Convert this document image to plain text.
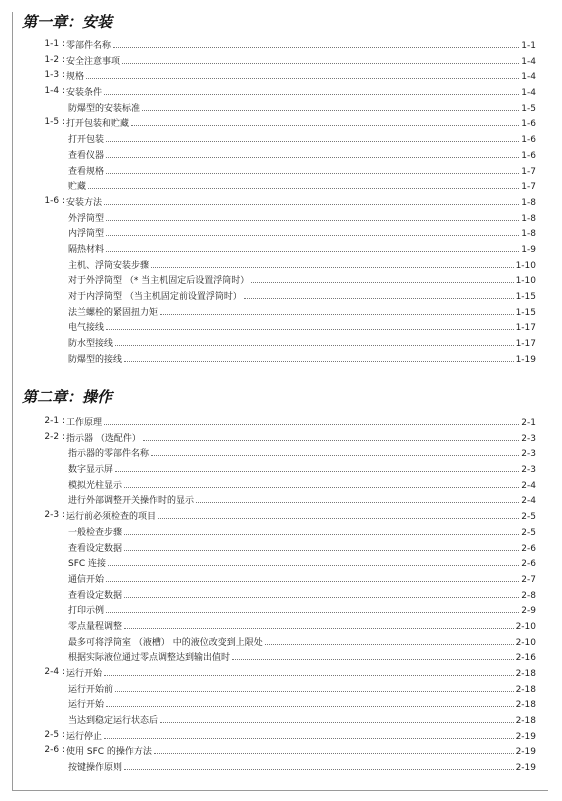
第一章：安装
1-1 : 零部件名称	1-1
1-2 : 安全注意事项	1-4
1-3 : 规格	1-4
1-4 : 安装条件	1-4
防爆型的安装标准	1-5
1-5 : 打开包装和贮藏	1-6
打开包装	1-6
查看仪器	1-6
查看规格	1-7
贮藏	1-7
1-6 : 安装方法	1-8
外浮筒型	1-8
内浮筒型	1-8
隔热材料	1-9
主机、浮筒安装步骤	1-10
对于外浮筒型 （* 当主机固定后设置浮筒时）	1-10
对于内浮筒型 （当主机固定前设置浮筒时）	1-15
法兰螺栓的紧固扭力矩	1-15
电气接线	1-17
防水型接线	1-17
防爆型的接线	1-19
第二章：操作
2-1 : 工作原理	2-1
2-2 : 指示器 （选配件）	2-3
指示器的零部件名称	2-3
数字显示屏	2-3
模拟光柱显示	2-4
进行外部调整开关操作时的显示	2-4
2-3 : 运行前必须检查的项目	2-5
一般检查步骤	2-5
查看设定数据	2-6
SFC 连接	2-6
通信开始	2-7
查看设定数据	2-8
打印示例	2-9
零点量程调整	2-10
最多可将浮筒室 （液槽） 中的液位改变到上限处	2-10
根据实际液位通过零点调整达到输出值时	2-16
2-4 : 运行开始	2-18
运行开始前	2-18
运行开始	2-18
当达到稳定运行状态后	2-18
2-5 : 运行停止	2-19
2-6 : 使用 SFC 的操作方法	2-19
按键操作原则	2-19
